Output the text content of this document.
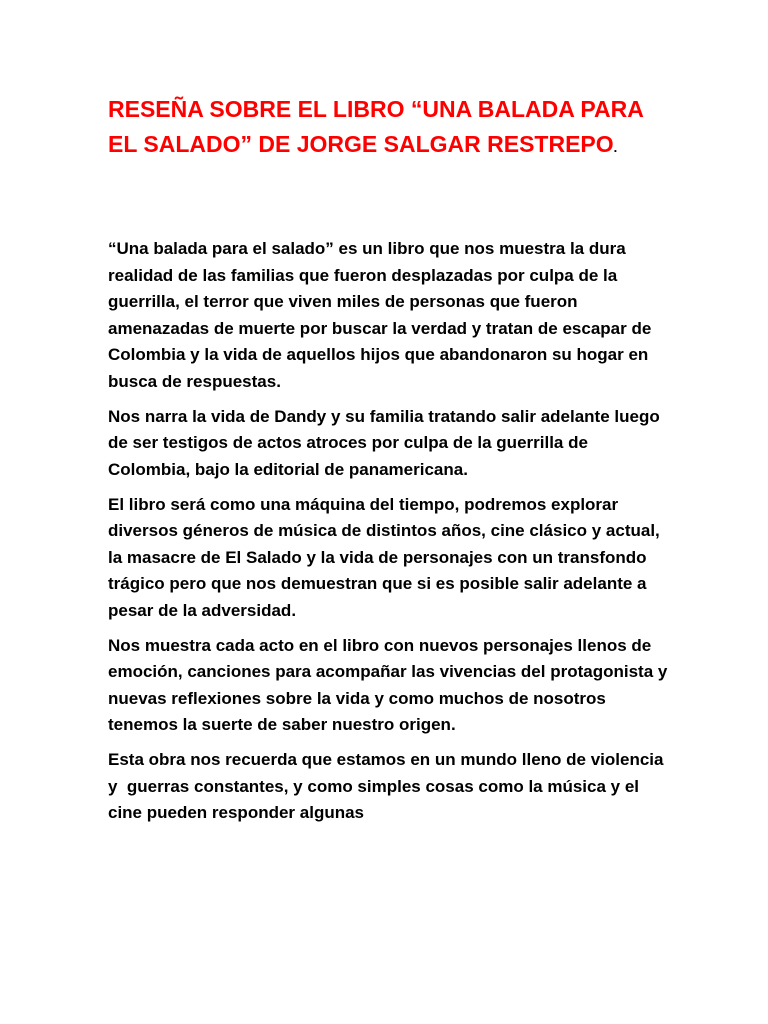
RESEÑA SOBRE EL LIBRO “UNA BALADA PARA EL SALADO” DE JORGE SALGAR RESTREPO.

“Una balada para el salado” es un libro que nos muestra la dura realidad de las familias que fueron desplazadas por culpa de la guerrilla, el terror que viven miles de personas que fueron amenazadas de muerte por buscar la verdad y tratan de escapar de Colombia y la vida de aquellos hijos que abandonaron su hogar en busca de respuestas.

Nos narra la vida de Dandy y su familia tratando salir adelante luego de ser testigos de actos atroces por culpa de la guerrilla de Colombia, bajo la editorial de panamericana.

El libro será como una máquina del tiempo, podremos explorar diversos géneros de música de distintos años, cine clásico y actual, la masacre de El Salado y la vida de personajes con un transfondo trágico pero que nos demuestran que si es posible salir adelante a pesar de la adversidad.

Nos muestra cada acto en el libro con nuevos personajes llenos de emoción, canciones para acompañar las vivencias del protagonista y nuevas reflexiones sobre la vida y como muchos de nosotros tenemos la suerte de saber nuestro origen.

Esta obra nos recuerda que estamos en un mundo lleno de violencia y  guerras constantes, y como simples cosas como la música y el cine pueden responder algunas
